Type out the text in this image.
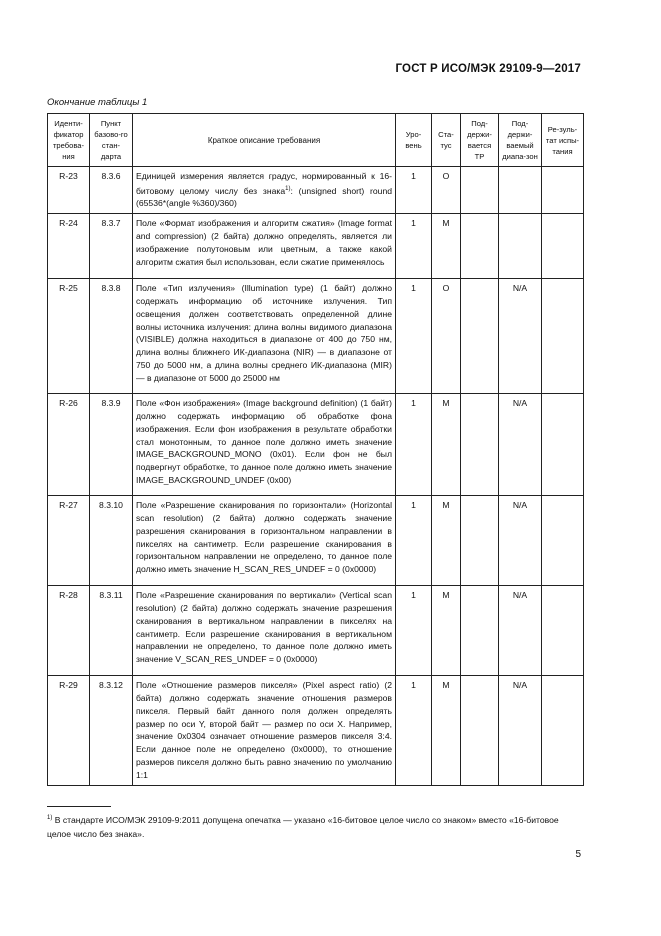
ГОСТ Р ИСО/МЭК 29109-9—2017
Окончание таблицы 1
Иденти-фикатор требова-ния	Пункт базово-го стан-дарта	Краткое описание требования	Уро-вень	Ста-тус	Под-держи-вается ТР	Под-держи-ваемый диапа-зон	Ре-зуль-тат испы-тания
R-23	8.3.6	Единицей измерения является градус, нормированный к 16-битовому целому числу без знака$^{1)}$: (unsigned short) round (65536*(angle %360)/360)	1	O			
R-24	8.3.7	Поле «Формат изображения и алгоритм сжатия» (Image format and compression) (2 байта) должно определять, является ли изображение полутоновым или цветным, а также какой алгоритм сжатия был использован, если сжатие применялось	1	M			
R-25	8.3.8	Поле «Тип излучения» (Illumination type) (1 байт) должно содержать информацию об источнике излучения. Тип освещения должен соответствовать определенной длине волны источника излучения: длина волны видимого диапазона (VISIBLE) должна находиться в диапазоне от 400 до 750 нм, длина волны ближнего ИК-диапазона (NIR) — в диапазоне от 750 до 5000 нм, а длина волны среднего ИК-диапазона (MIR) — в диапазоне от 5000 до 25000 нм	1	O		N/A	
R-26	8.3.9	Поле «Фон изображения» (Image background definition) (1 байт) должно содержать информацию об обработке фона изображения. Если фон изображения в результате обработки стал монотонным, то данное поле должно иметь значение IMAGE_BACKGROUND_MONO (0x01). Если фон не был подвергнут обработке, то данное поле должно иметь значение IMAGE_BACKGROUND_UNDEF (0x00)	1	M		N/A	
R-27	8.3.10	Поле «Разрешение сканирования по горизонтали» (Horizontal scan resolution) (2 байта) должно содержать значение разрешения сканирования в горизонтальном направлении в пикселях на сантиметр. Если разрешение сканирования в горизонтальном направлении не определено, то данное поле должно иметь значение H_SCAN_RES_UNDEF = 0 (0x0000)	1	M		N/A	
R-28	8.3.11	Поле «Разрешение сканирования по вертикали» (Vertical scan resolution) (2 байта) должно содержать значение разрешения сканирования в вертикальном направлении в пикселях на сантиметр. Если разрешение сканирования в вертикальном направлении не определено, то данное поле должно иметь значение V_SCAN_RES_UNDEF = 0 (0x0000)	1	M		N/A	
R-29	8.3.12	Поле «Отношение размеров пикселя» (Pixel aspect ratio) (2 байта) должно содержать значение отношения размеров пикселя. Первый байт данного поля должен определять размер по оси Y, второй байт — размер по оси X. Например, значение 0x0304 означает отношение размеров пикселя 3:4. Если данное поле не определено (0x0000), то отношение размеров пикселя должно быть равно значению по умолчанию 1:1	1	M		N/A	
$^{1)}$ В стандарте ИСО/МЭК 29109-9:2011 допущена опечатка — указано «16-битовое целое число со знаком» вместо «16-битовое целое число без знака».
5
